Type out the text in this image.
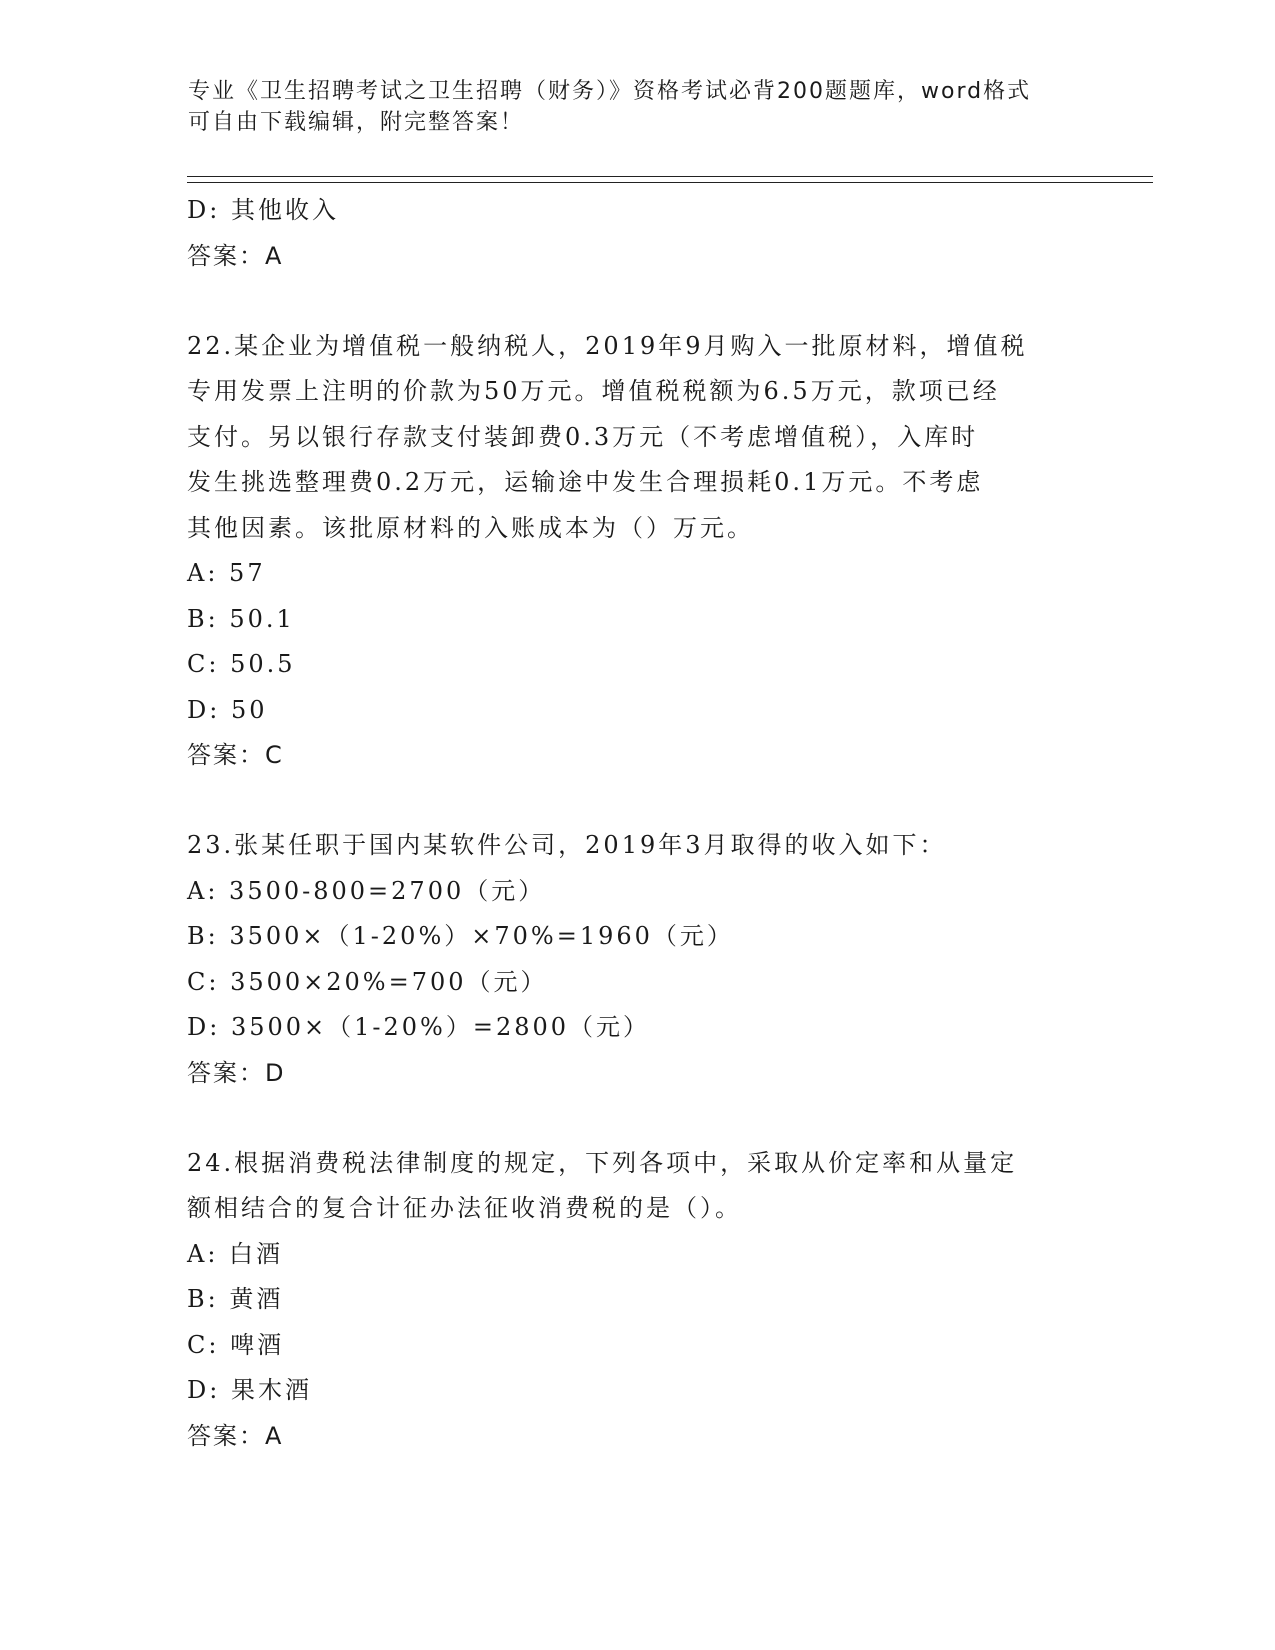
专业《卫生招聘考试之卫生招聘（财务）》资格考试必背200题题库，word格式
可自由下载编辑，附完整答案！
D: 其他收入
答案：A
22.某企业为增值税一般纳税人，2019年9月购入一批原材料，增值税
专用发票上注明的价款为50万元。增值税税额为6.5万元，款项已经
支付。另以银行存款支付装卸费0.3万元（不考虑增值税），入库时
发生挑选整理费0.2万元，运输途中发生合理损耗0.1万元。不考虑
其他因素。该批原材料的入账成本为（）万元。
A: 57
B: 50.1
C: 50.5
D: 50
答案：C
23.张某任职于国内某软件公司，2019年3月取得的收入如下：
A: 3500-800=2700（元）
B: 3500×（1-20%）×70%=1960（元）
C: 3500×20%=700（元）
D: 3500×（1-20%）=2800（元）
答案：D
24.根据消费税法律制度的规定，下列各项中，采取从价定率和从量定
额相结合的复合计征办法征收消费税的是（）。
A: 白酒
B: 黄酒
C: 啤酒
D: 果木酒
答案：A
